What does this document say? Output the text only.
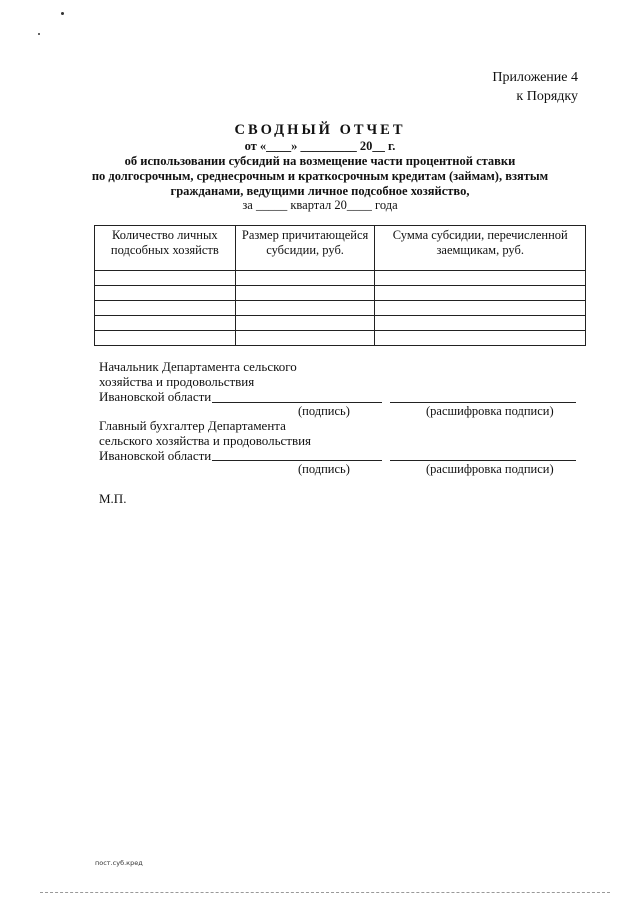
Приложение 4
к Порядку
СВОДНЫЙ ОТЧЕТ
от «____» _________ 20__ г.
об использовании субсидий на возмещение части процентной ставки
по долгосрочным, среднесрочным и краткосрочным кредитам (займам), взятым
гражданами, ведущими личное подсобное хозяйство,
за _____ квартал 20____ года
Количество личных подсобных хозяйств	Размер причитающейся субсидии, руб.	Сумма субсидии, перечисленной заемщикам, руб.

Начальник Департамента сельского
хозяйства и продовольствия
Ивановской области
(подпись)	(расшифровка подписи)
Главный бухгалтер Департамента
сельского хозяйства и продовольствия
Ивановской области
(подпись)	(расшифровка подписи)
М.П.
пост.суб.кред
